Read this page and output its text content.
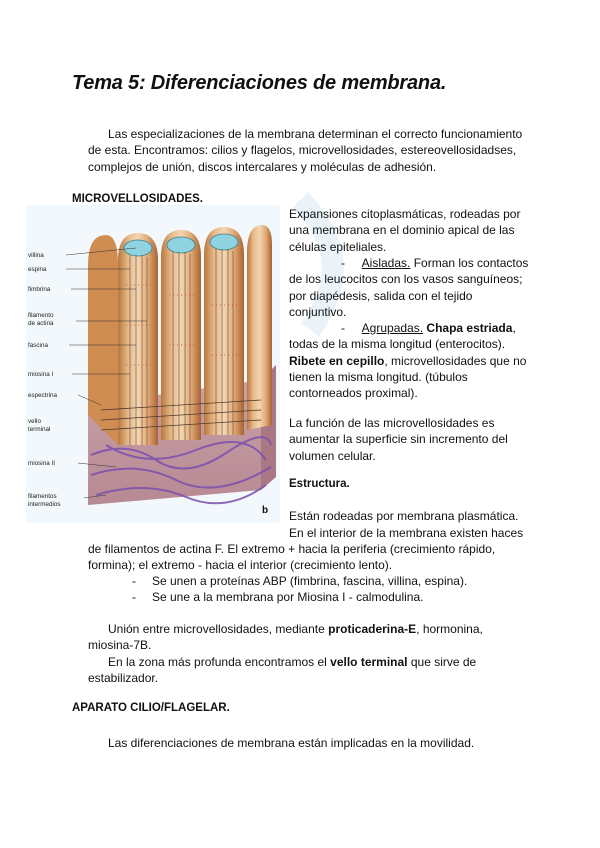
Tema 5: Diferenciaciones de membrana.

Las especializaciones de la membrana determinan el correcto funcionamiento de esta. Encontramos: cilios y flagelos, microvellosidades, estereovellosidadses, complejos de unión, discos intercalares y moléculas de adhesión.

MICROVELLOSIDADES.

villina
espina
fimbrina
filamento
de actina
fascina
miosina I
espectrina
vello
terminal
miosina II
filamentos
intermedios
b

Expansiones citoplasmáticas, rodeadas por una membrana en el dominio apical de las células epiteliales.

- Aisladas. Forman los contactos de los leucocitos con los vasos sanguíneos; por diapédesis, salida con el tejido conjuntivo.

- Agrupadas. Chapa estriada, todas de la misma longitud (enterocitos). Ribete en cepillo, microvellosidades que no tienen la misma longitud. (túbulos contorneados proximal).

La función de las microvellosidades es aumentar la superficie sin incremento del volumen celular.

Estructura.

Están rodeadas por membrana plasmática.

En el interior de la membrana existen haces

de filamentos de actina F. El extremo + hacia la periferia (crecimiento rápido, formina); el extremo - hacia el interior (crecimiento lento).

-	Se unen a proteínas ABP (fimbrina, fascina, villina, espina).
-	Se une a la membrana por Miosina I - calmodulina.

Unión entre microvellosidades, mediante proticaderina-E, hormonina, miosina-7B.

En la zona más profunda encontramos el vello terminal que sirve de estabilizador.

APARATO CILIO/FLAGELAR.

Las diferenciaciones de membrana están implicadas en la movilidad.
